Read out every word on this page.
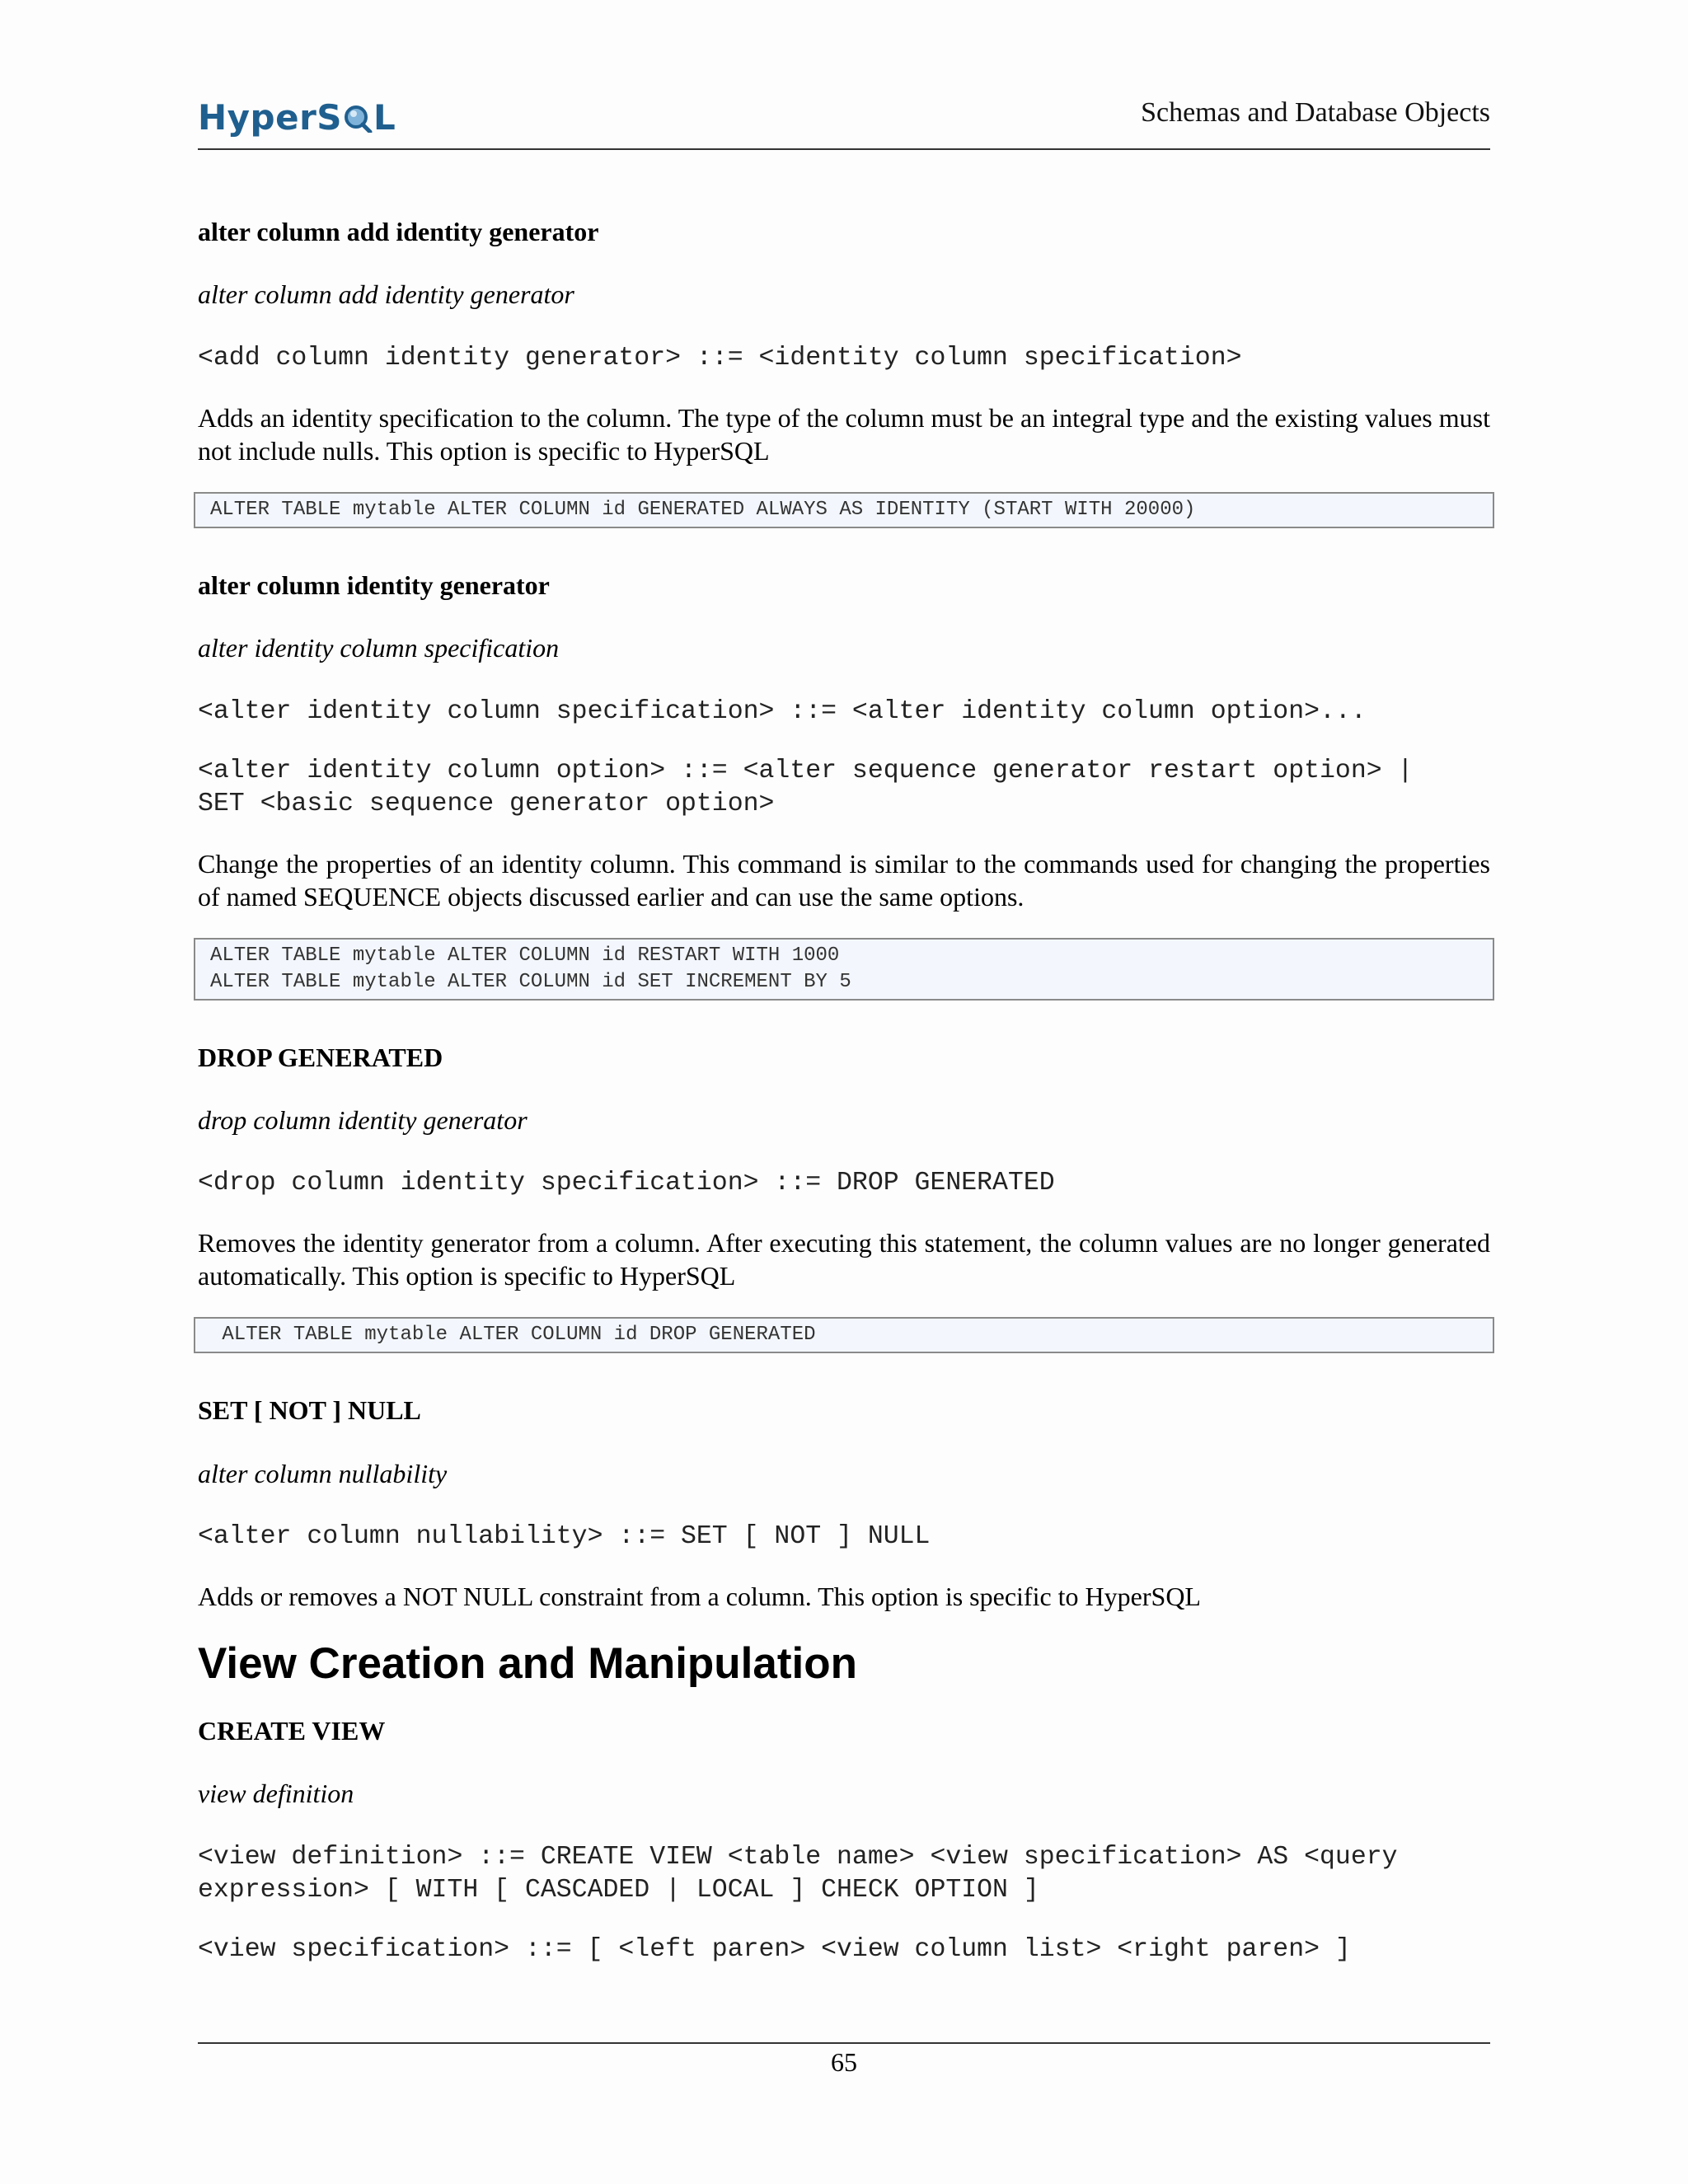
HyperS L	Schemas and Database Objects
alter column add identity generator
alter column add identity generator
<add column identity generator> ::= <identity column specification>
Adds an identity specification to the column. The type of the column must be an integral type and the existing values must not include nulls. This option is specific to HyperSQL
ALTER TABLE mytable ALTER COLUMN id GENERATED ALWAYS AS IDENTITY (START WITH 20000)
alter column identity generator
alter identity column specification
<alter identity column specification> ::= <alter identity column option>...
<alter identity column option> ::= <alter sequence generator restart option> |
SET <basic sequence generator option>
Change the properties of an identity column. This command is similar to the commands used for changing the properties of named SEQUENCE objects discussed earlier and can use the same options.
ALTER TABLE mytable ALTER COLUMN id RESTART WITH 1000
ALTER TABLE mytable ALTER COLUMN id SET INCREMENT BY 5
DROP GENERATED
drop column identity generator
<drop column identity specification> ::= DROP GENERATED
Removes the identity generator from a column. After executing this statement, the column values are no longer generated automatically. This option is specific to HyperSQL
ALTER TABLE mytable ALTER COLUMN id DROP GENERATED
SET [ NOT ] NULL
alter column nullability
<alter column nullability> ::= SET [ NOT ] NULL
Adds or removes a NOT NULL constraint from a column. This option is specific to HyperSQL
View Creation and Manipulation
CREATE VIEW
view definition
<view definition> ::= CREATE VIEW <table name> <view specification> AS <query expression> [ WITH [ CASCADED | LOCAL ] CHECK OPTION ]
<view specification> ::= [ <left paren> <view column list> <right paren> ]
65
